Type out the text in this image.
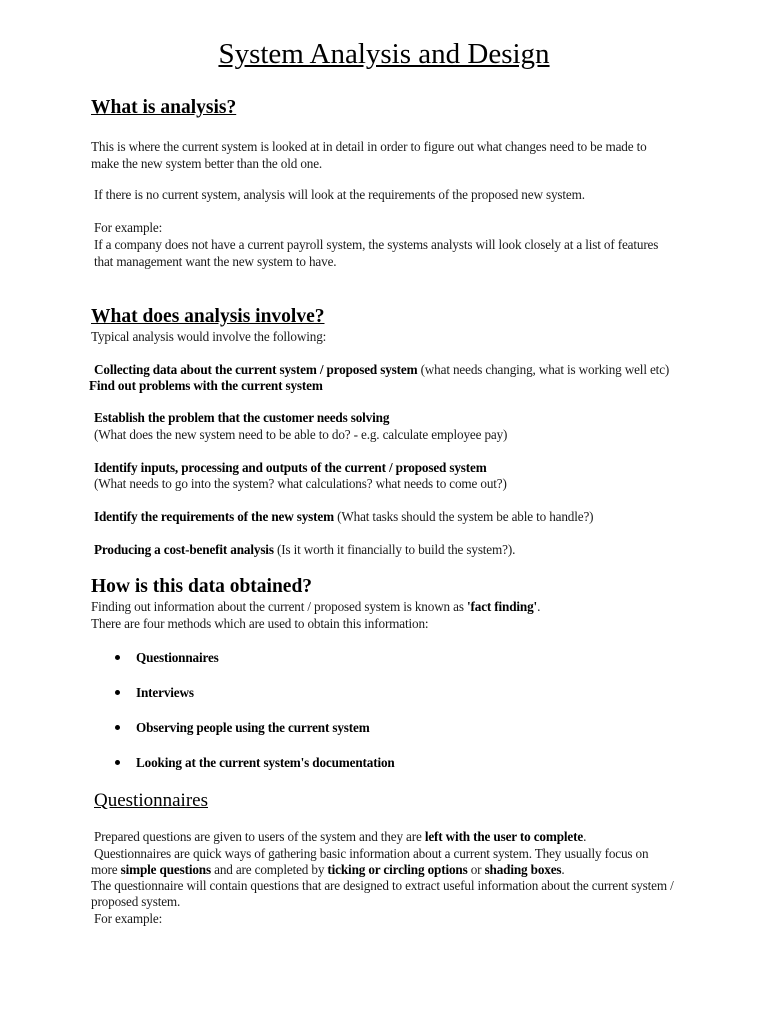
System Analysis and Design
What is analysis?
This is where the current system is looked at in detail in order to figure out what changes need to be made to
make the new system better than the old one.
If there is no current system, analysis will look at the requirements of the proposed new system.
For example:
If a company does not have a current payroll system, the systems analysts will look closely at a list of features
that management want the new system to have.
What does analysis involve?
Typical analysis would involve the following:
Collecting data about the current system / proposed system (what needs changing, what is working well etc)
Find out problems with the current system
Establish the problem that the customer needs solving
(What does the new system need to be able to do? - e.g. calculate employee pay)
Identify inputs, processing and outputs of the current / proposed system
(What needs to go into the system? what calculations? what needs to come out?)
Identify the requirements of the new system (What tasks should the system be able to handle?)
Producing a cost-benefit analysis (Is it worth it financially to build the system?).
How is this data obtained?
Finding out information about the current / proposed system is known as 'fact finding'.
There are four methods which are used to obtain this information:
Questionnaires
Interviews
Observing people using the current system
Looking at the current system's documentation
Questionnaires
Prepared questions are given to users of the system and they are left with the user to complete.
Questionnaires are quick ways of gathering basic information about a current system. They usually focus on
more simple questions and are completed by ticking or circling options or shading boxes.
The questionnaire will contain questions that are designed to extract useful information about the current system /
proposed system.
For example:
